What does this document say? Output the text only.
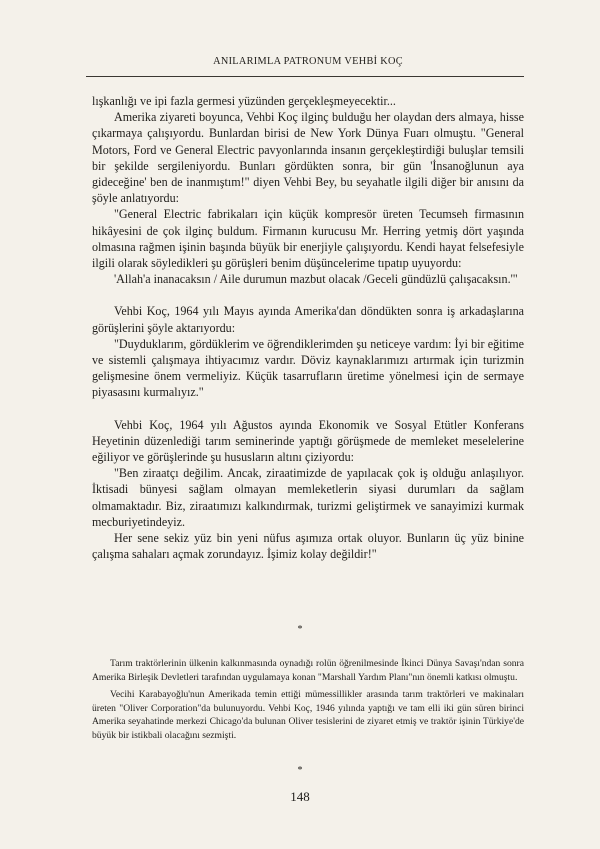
ANILARIMLA PATRONUM VEHBİ KOÇ

lışkanlığı ve ipi fazla germesi yüzünden gerçekleşmeyecektir...

Amerika ziyareti boyunca, Vehbi Koç ilginç bulduğu her olaydan ders almaya, hisse çıkarmaya çalışıyordu. Bunlardan birisi de New York Dünya Fuarı olmuştu. "General Motors, Ford ve General Electric pavyonlarında insanın gerçekleştirdiği buluşlar temsili bir şekilde sergileniyordu. Bunları gördükten sonra, bir gün 'İnsanoğlunun aya gideceğine' ben de inanmıştım!" diyen Vehbi Bey, bu seyahatle ilgili diğer bir anısını da şöyle anlatıyordu:

"General Electric fabrikaları için küçük kompresör üreten Tecumseh firmasının hikâyesini de çok ilginç buldum. Firmanın kurucusu Mr. Herring yetmiş dört yaşında olmasına rağmen işinin başında büyük bir enerjiyle çalışıyordu. Kendi hayat felsefesiyle ilgili olarak söyledikleri şu görüşleri benim düşüncelerime tıpatıp uyuyordu:

'Allah'a inanacaksın / Aile durumun mazbut olacak /Geceli gündüzlü çalışacaksın.'"

Vehbi Koç, 1964 yılı Mayıs ayında Amerika'dan döndükten sonra iş arkadaşlarına görüşlerini şöyle aktarıyordu:

"Duyduklarım, gördüklerim ve öğrendiklerimden şu neticeye vardım: İyi bir eğitime ve sistemli çalışmaya ihtiyacımız vardır. Döviz kaynaklarımızı artırmak için turizmin gelişmesine önem vermeliyiz. Küçük tasarrufların üretime yönelmesi için de sermaye piyasasını kurmalıyız."

Vehbi Koç, 1964 yılı Ağustos ayında Ekonomik ve Sosyal Etütler Konferans Heyetinin düzenlediği tarım seminerinde yaptığı görüşmede de memleket meselelerine eğiliyor ve görüşlerinde şu hususların altını çiziyordu:

"Ben ziraatçı değilim. Ancak, ziraatimizde de yapılacak çok iş olduğu anlaşılıyor. İktisadi bünyesi sağlam olmayan memleketlerin siyasi durumları da sağlam olmamaktadır. Biz, ziraatımızı kalkındırmak, turizmi geliştirmek ve sanayimizi kurmak mecburiyetindeyiz.

Her sene sekiz yüz bin yeni nüfus aşımıza ortak oluyor. Bunların üç yüz binine çalışma sahaları açmak zorundayız. İşimiz kolay değildir!"

*

Tarım traktörlerinin ülkenin kalkınmasında oynadığı rolün öğrenilmesinde İkinci Dünya Savaşı'ndan sonra Amerika Birleşik Devletleri tarafından uygulamaya konan "Marshall Yardım Planı"nın önemli katkısı olmuştu.

Vecihi Karabayoğlu'nun Amerikada temin ettiği mümessillikler arasında tarım traktörleri ve makinaları üreten "Oliver Corporation"da bulunuyordu. Vehbi Koç, 1946 yılında yaptığı ve tam elli iki gün süren birinci Amerika seyahatinde merkezi Chicago'da bulunan Oliver tesislerini de ziyaret etmiş ve traktör işinin Türkiye'de büyük bir istikbali olacağını sezmişti.

*
148
